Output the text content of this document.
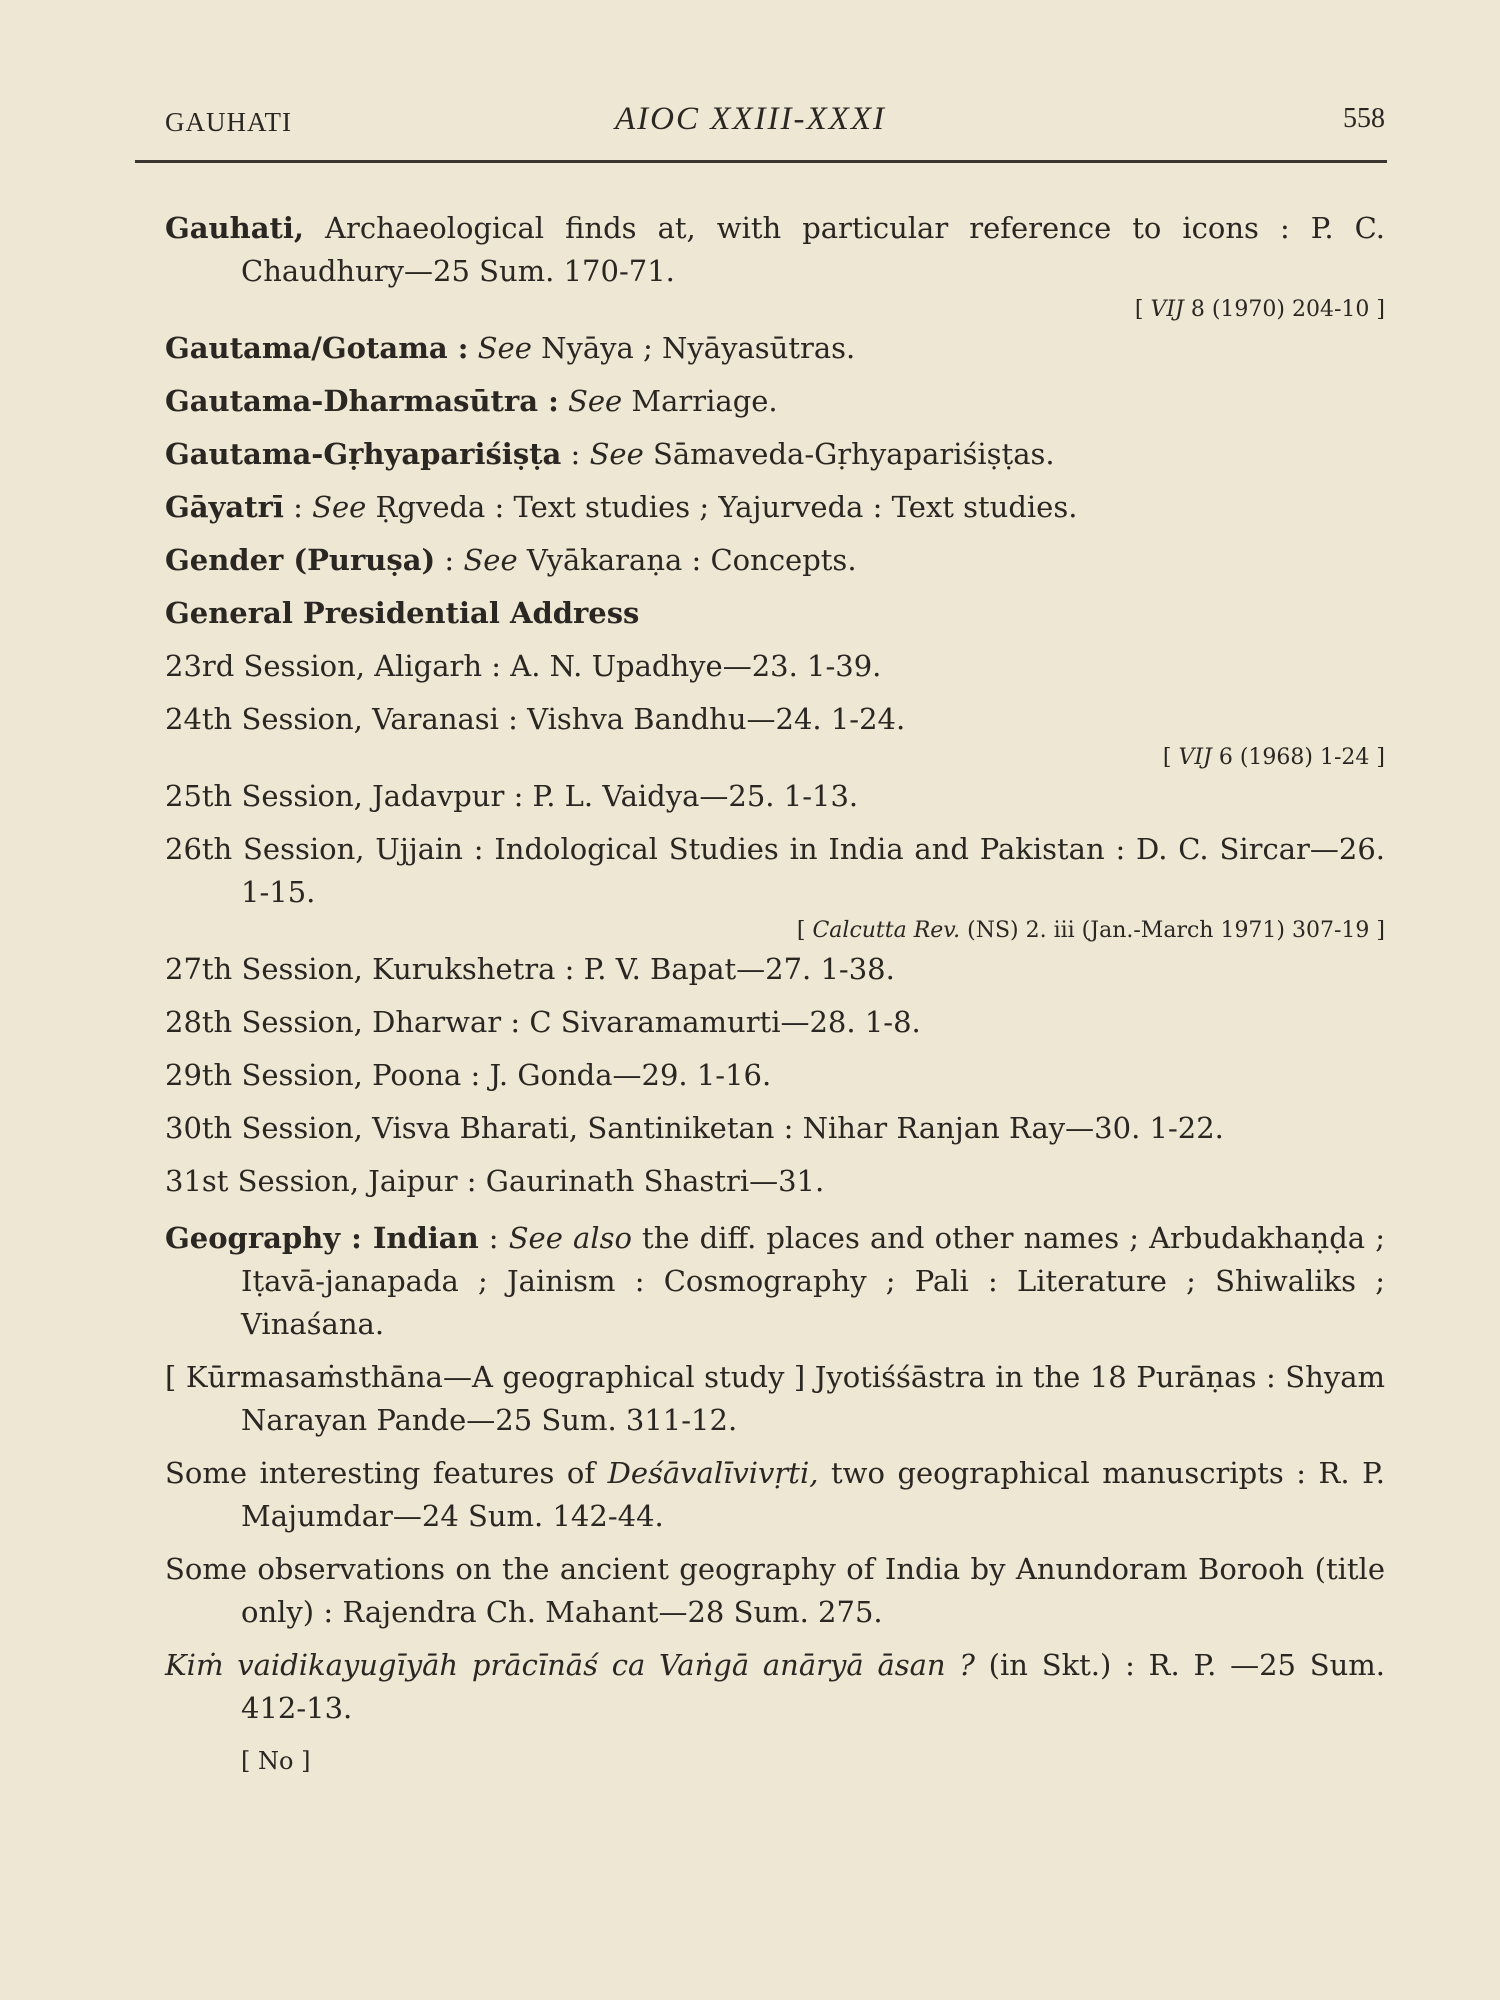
GAUHATI	AIOC XXIII-XXXI	558

Gauhati, Archaeological finds at, with particular reference to icons : P. C. Chaudhury—25 Sum. 170-71.

[ VIJ 8 (1970) 204-10 ]

Gautama/Gotama : See Nyāya ; Nyāyasūtras.

Gautama-Dharmasūtra : See Marriage.

Gautama-Gṛhyapariśiṣṭa : See Sāmaveda-Gṛhyapariśiṣṭas.

Gāyatrī : See Ṛgveda : Text studies ; Yajurveda : Text studies.

Gender (Puruṣa) : See Vyākaraṇa : Concepts.

General Presidential Address

23rd Session, Aligarh : A. N. Upadhye—23. 1-39.

24th Session, Varanasi : Vishva Bandhu—24. 1-24.

[ VIJ 6 (1968) 1-24 ]

25th Session, Jadavpur : P. L. Vaidya—25. 1-13.

26th Session, Ujjain : Indological Studies in India and Pakistan : D. C. Sircar—26. 1-15.

[ Calcutta Rev. (NS) 2. iii (Jan.-March 1971) 307-19 ]

27th Session, Kurukshetra : P. V. Bapat—27. 1-38.

28th Session, Dharwar : C Sivaramamurti—28. 1-8.

29th Session, Poona : J. Gonda—29. 1-16.

30th Session, Visva Bharati, Santiniketan : Nihar Ranjan Ray—30. 1-22.

31st Session, Jaipur : Gaurinath Shastri—31.

Geography : Indian : See also the diff. places and other names ; Arbudakhaṇḍa ; Iṭavā-janapada ; Jainism : Cosmography ; Pali : Literature ; Shiwaliks ; Vinaśana.

[ Kūrmasaṁsthāna—A geographical study ] Jyotiśśāstra in the 18 Purāṇas : Shyam Narayan Pande—25 Sum. 311-12.

Some interesting features of Deśāvalīvivṛti, two geographical manuscripts : R. P. Majumdar—24 Sum. 142-44.

Some observations on the ancient geography of India by Anundoram Borooh (title only) : Rajendra Ch. Mahant—28 Sum. 275.

Kiṁ vaidikayugīyāh prācīnāś ca Vaṅgā anāryā āsan ? (in Skt.) : R. P. —25 Sum. 412-13.

[ No ]
